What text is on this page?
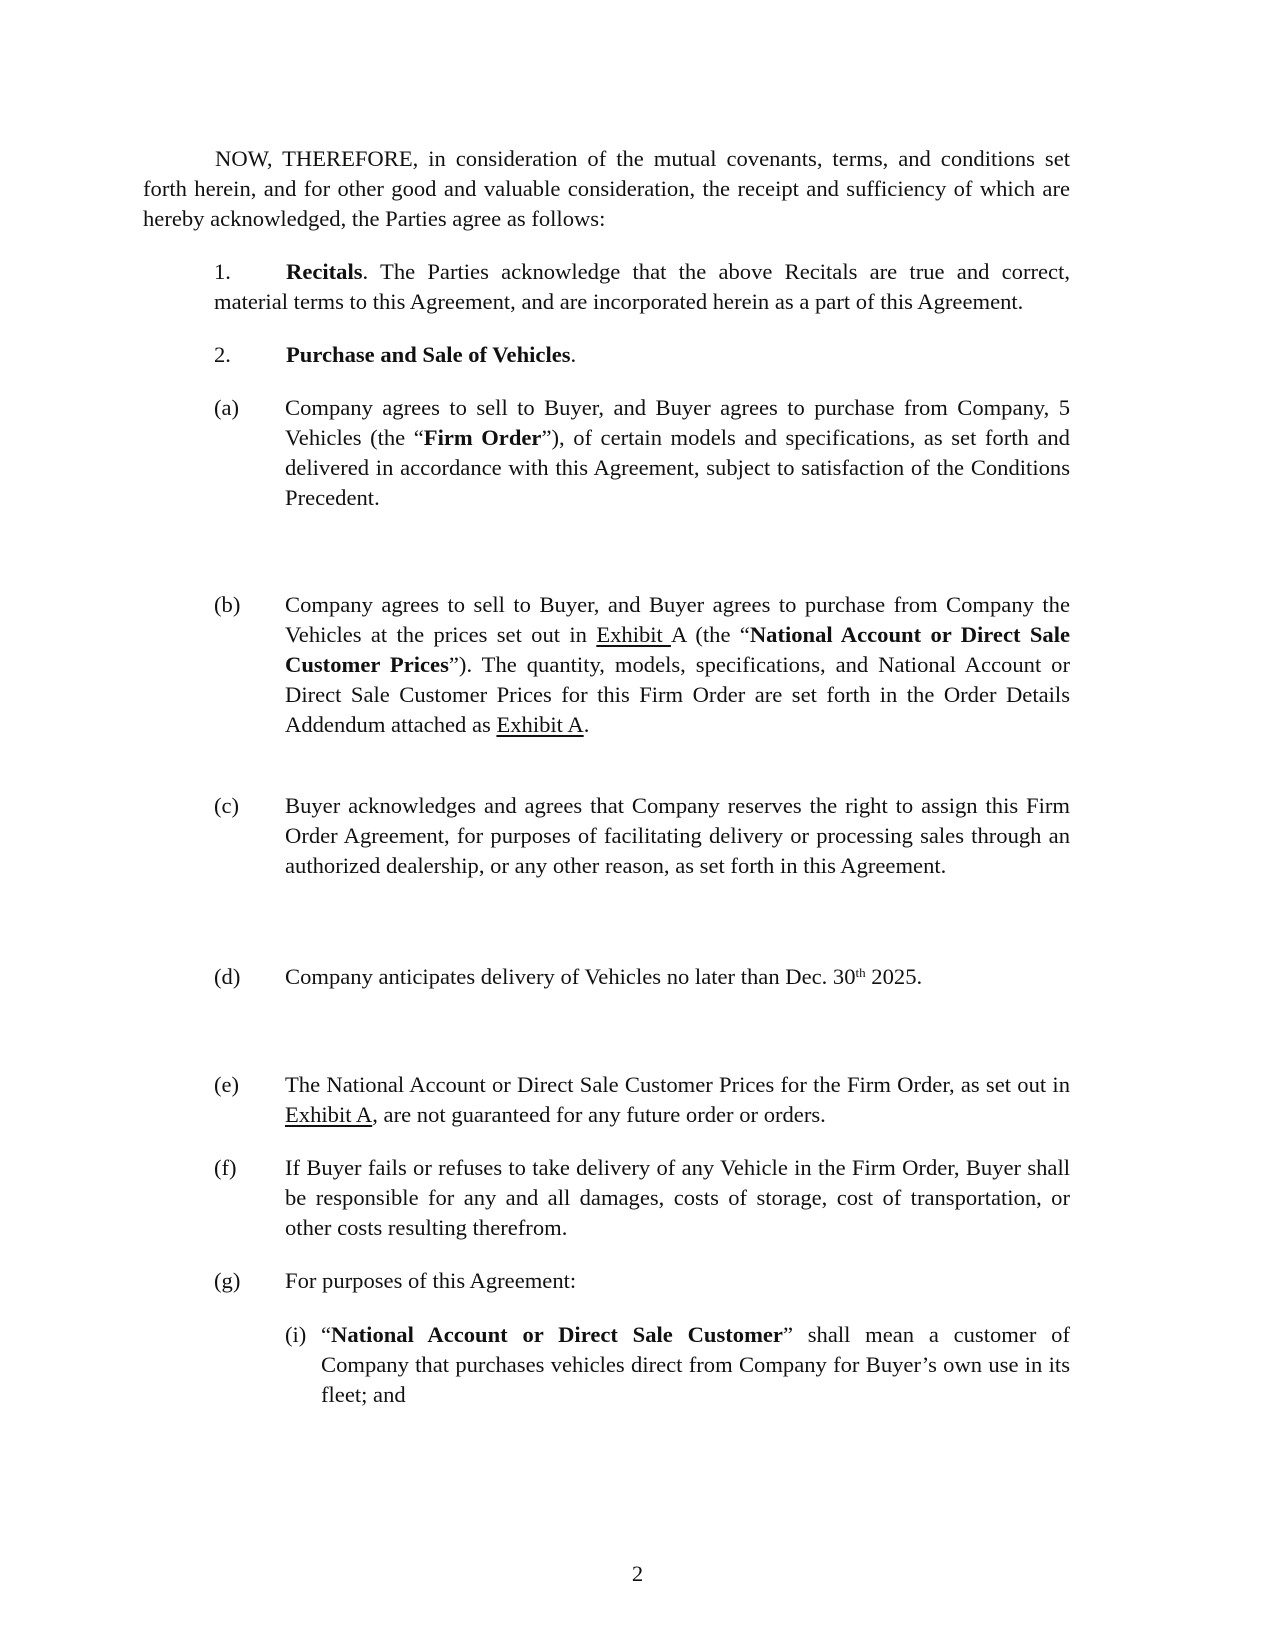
NOW, THEREFORE, in consideration of the mutual covenants, terms, and conditions set forth herein, and for other good and valuable consideration, the receipt and sufficiency of which are hereby acknowledged, the Parties agree as follows:

1. Recitals. The Parties acknowledge that the above Recitals are true and correct, material terms to this Agreement, and are incorporated herein as a part of this Agreement.

2. Purchase and Sale of Vehicles.

(a) Company agrees to sell to Buyer, and Buyer agrees to purchase from Company, 5 Vehicles (the “Firm Order”), of certain models and specifications, as set forth and delivered in accordance with this Agreement, subject to satisfaction of the Conditions Precedent.

(b) Company agrees to sell to Buyer, and Buyer agrees to purchase from Company the Vehicles at the prices set out in Exhibit A (the “National Account or Direct Sale Customer Prices”). The quantity, models, specifications, and National Account or Direct Sale Customer Prices for this Firm Order are set forth in the Order Details Addendum attached as Exhibit A.

(c) Buyer acknowledges and agrees that Company reserves the right to assign this Firm Order Agreement, for purposes of facilitating delivery or processing sales through an authorized dealership, or any other reason, as set forth in this Agreement.

(d) Company anticipates delivery of Vehicles no later than Dec. 30th 2025.

(e) The National Account or Direct Sale Customer Prices for the Firm Order, as set out in Exhibit A, are not guaranteed for any future order or orders.

(f) If Buyer fails or refuses to take delivery of any Vehicle in the Firm Order, Buyer shall be responsible for any and all damages, costs of storage, cost of transportation, or other costs resulting therefrom.

(g) For purposes of this Agreement:

(i) “National Account or Direct Sale Customer” shall mean a customer of Company that purchases vehicles direct from Company for Buyer’s own use in its fleet; and

2
